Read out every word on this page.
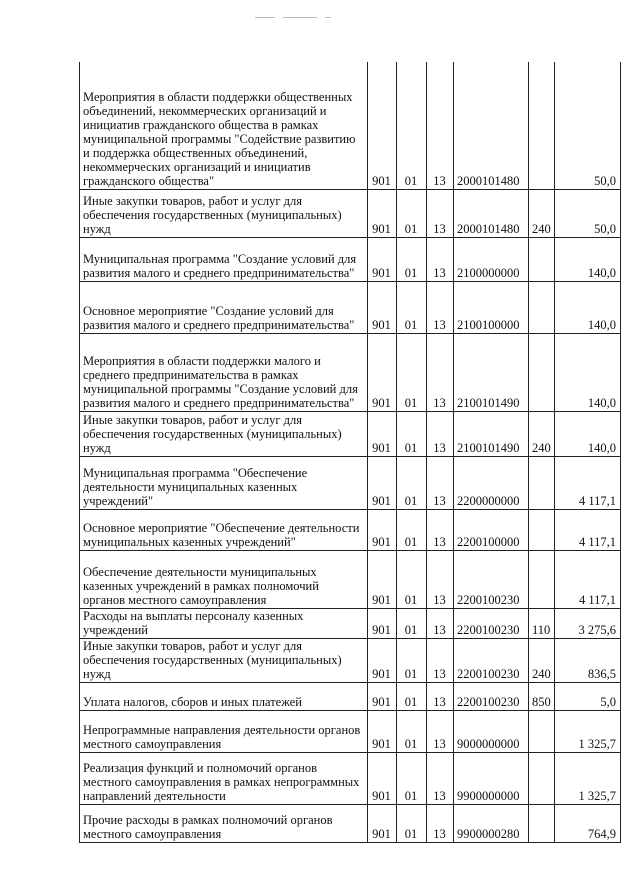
Мероприятия в области поддержки общественных объединений, некоммерческих организаций и инициатив гражданского общества в рамках муниципальной программы "Содействие развитию и поддержка общественных объединений, некоммерческих организаций и инициатив гражданского общества"	901	01	13	2000101480		50,0
Иные закупки товаров, работ и услуг для обеспечения государственных (муниципальных) нужд	901	01	13	2000101480	240	50,0
Муниципальная программа "Создание условий для развития малого и среднего предпринимательства"	901	01	13	2100000000		140,0
Основное мероприятие "Создание условий для развития малого и среднего предпринимательства"	901	01	13	2100100000		140,0
Мероприятия в области поддержки малого и среднего предпринимательства в рамках муниципальной программы "Создание условий для развития малого и среднего предпринимательства"	901	01	13	2100101490		140,0
Иные закупки товаров, работ и услуг для обеспечения государственных (муниципальных) нужд	901	01	13	2100101490	240	140,0
Муниципальная программа "Обеспечение деятельности муниципальных казенных учреждений"	901	01	13	2200000000		4 117,1
Основное мероприятие "Обеспечение деятельности муниципальных казенных учреждений"	901	01	13	2200100000		4 117,1
Обеспечение деятельности муниципальных казенных учреждений в рамках полномочий органов местного самоуправления	901	01	13	2200100230		4 117,1
Расходы на выплаты персоналу казенных учреждений	901	01	13	2200100230	110	3 275,6
Иные закупки товаров, работ и услуг для обеспечения государственных (муниципальных) нужд	901	01	13	2200100230	240	836,5
Уплата налогов, сборов и иных платежей	901	01	13	2200100230	850	5,0
Непрограммные направления деятельности органов местного самоуправления	901	01	13	9000000000		1 325,7
Реализация функций и полномочий органов местного самоуправления в рамках непрограммных направлений деятельности	901	01	13	9900000000		1 325,7
Прочие расходы в рамках полномочий органов местного самоуправления	901	01	13	9900000280		764,9
